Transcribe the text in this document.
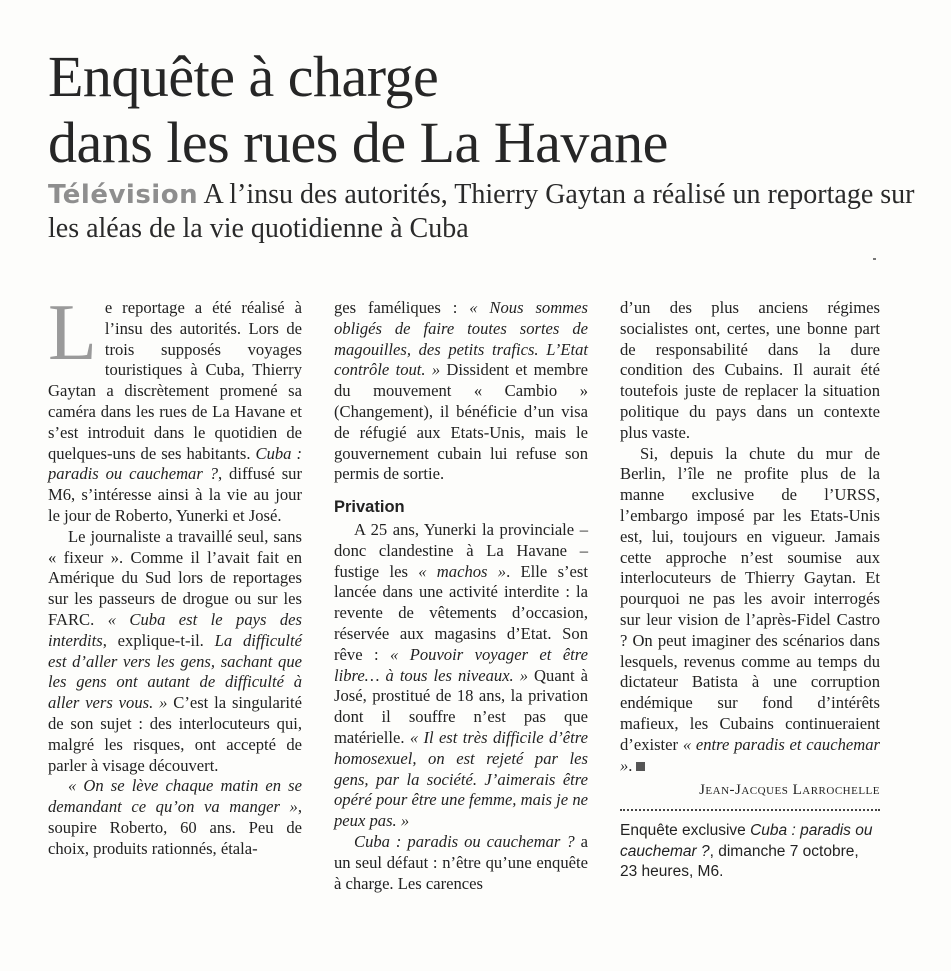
Enquête à charge
dans les rues de La Havane

Télévision A l’insu des autorités, Thierry Gaytan a réalisé un reportage sur les aléas de la vie quotidienne à Cuba

L e reportage a été réalisé à l’insu des autorités. Lors de trois supposés voyages touristiques à Cuba, Thierry Gaytan a discrètement promené sa caméra dans les rues de La Havane et s’est introduit dans le quotidien de quelques-uns de ses habitants. Cuba : paradis ou cauchemar ?, diffusé sur M6, s’intéresse ainsi à la vie au jour le jour de Roberto, Yunerki et José.

Le journaliste a travaillé seul, sans « fixeur ». Comme il l’avait fait en Amérique du Sud lors de reportages sur les passeurs de drogue ou sur les FARC. « Cuba est le pays des interdits, explique-t-il. La difficulté est d’aller vers les gens, sachant que les gens ont autant de difficulté à aller vers vous. » C’est la singularité de son sujet : des interlocuteurs qui, malgré les risques, ont accepté de parler à visage découvert.

« On se lève chaque matin en se demandant ce qu’on va manger », soupire Roberto, 60 ans. Peu de choix, produits rationnés, étala-

ges faméliques : « Nous sommes obligés de faire toutes sortes de magouilles, des petits trafics. L’Etat contrôle tout. » Dissident et membre du mouvement « Cambio » (Changement), il bénéficie d’un visa de réfugié aux Etats-Unis, mais le gouvernement cubain lui refuse son permis de sortie.

Privation

A 25 ans, Yunerki la provinciale – donc clandestine à La Havane – fustige les « machos ». Elle s’est lancée dans une activité interdite : la revente de vêtements d’occasion, réservée aux magasins d’Etat. Son rêve : « Pouvoir voyager et être libre… à tous les niveaux. » Quant à José, prostitué de 18 ans, la privation dont il souffre n’est pas que matérielle. « Il est très difficile d’être homosexuel, on est rejeté par les gens, par la société. J’aimerais être opéré pour être une femme, mais je ne peux pas. »

Cuba : paradis ou cauchemar ? a un seul défaut : n’être qu’une enquête à charge. Les carences

d’un des plus anciens régimes socialistes ont, certes, une bonne part de responsabilité dans la dure condition des Cubains. Il aurait été toutefois juste de replacer la situation politique du pays dans un contexte plus vaste.

Si, depuis la chute du mur de Berlin, l’île ne profite plus de la manne exclusive de l’URSS, l’embargo imposé par les Etats-Unis est, lui, toujours en vigueur. Jamais cette approche n’est soumise aux interlocuteurs de Thierry Gaytan. Et pourquoi ne pas les avoir interrogés sur leur vision de l’après-Fidel Castro ? On peut imaginer des scénarios dans lesquels, revenus comme au temps du dictateur Batista à une corruption endémique sur fond d’intérêts mafieux, les Cubains continueraient d’exister « entre paradis et cauchemar ».

Jean-Jacques Larrochelle
Enquête exclusive Cuba : paradis ou cauchemar ?, dimanche 7 octobre, 23 heures, M6.
